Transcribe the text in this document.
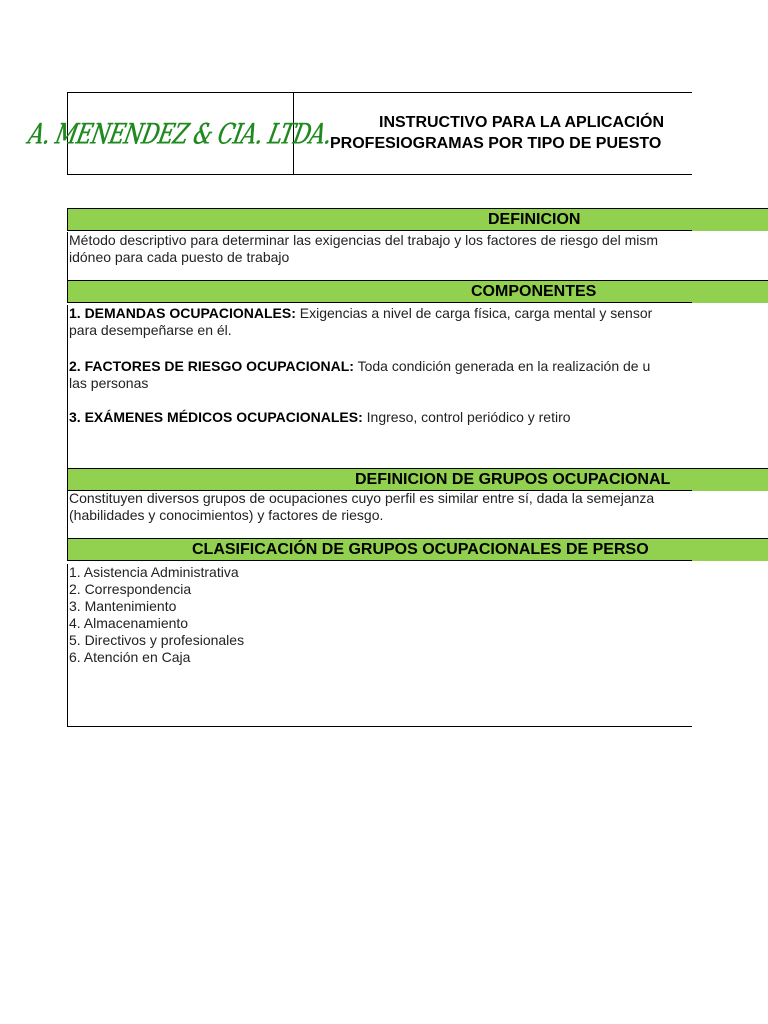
A. MENENDEZ & CIA. LTDA.	INSTRUCTIVO PARA LA APLICACIÓN
PROFESIOGRAMAS POR TIPO DE PUESTO
DEFINICION

Método descriptivo para determinar las exigencias del trabajo y los factores de riesgo del mism

idóneo para cada puesto de trabajo

COMPONENTES

1. DEMANDAS OCUPACIONALES: Exigencias a nivel de carga física, carga mental y sensor

para desempeñarse en él.

2. FACTORES DE RIESGO OCUPACIONAL: Toda condición generada en la realización de u

las personas

3. EXÁMENES MÉDICOS OCUPACIONALES: Ingreso, control periódico y retiro

DEFINICION DE GRUPOS OCUPACIONAL

Constituyen diversos grupos de ocupaciones cuyo perfil es similar entre sí, dada la semejanza

(habilidades y conocimientos) y factores de riesgo.

CLASIFICACIÓN DE GRUPOS OCUPACIONALES DE PERSO

1. Asistencia Administrativa

2. Correspondencia

3. Mantenimiento

4. Almacenamiento

5. Directivos y profesionales

6. Atención en Caja
